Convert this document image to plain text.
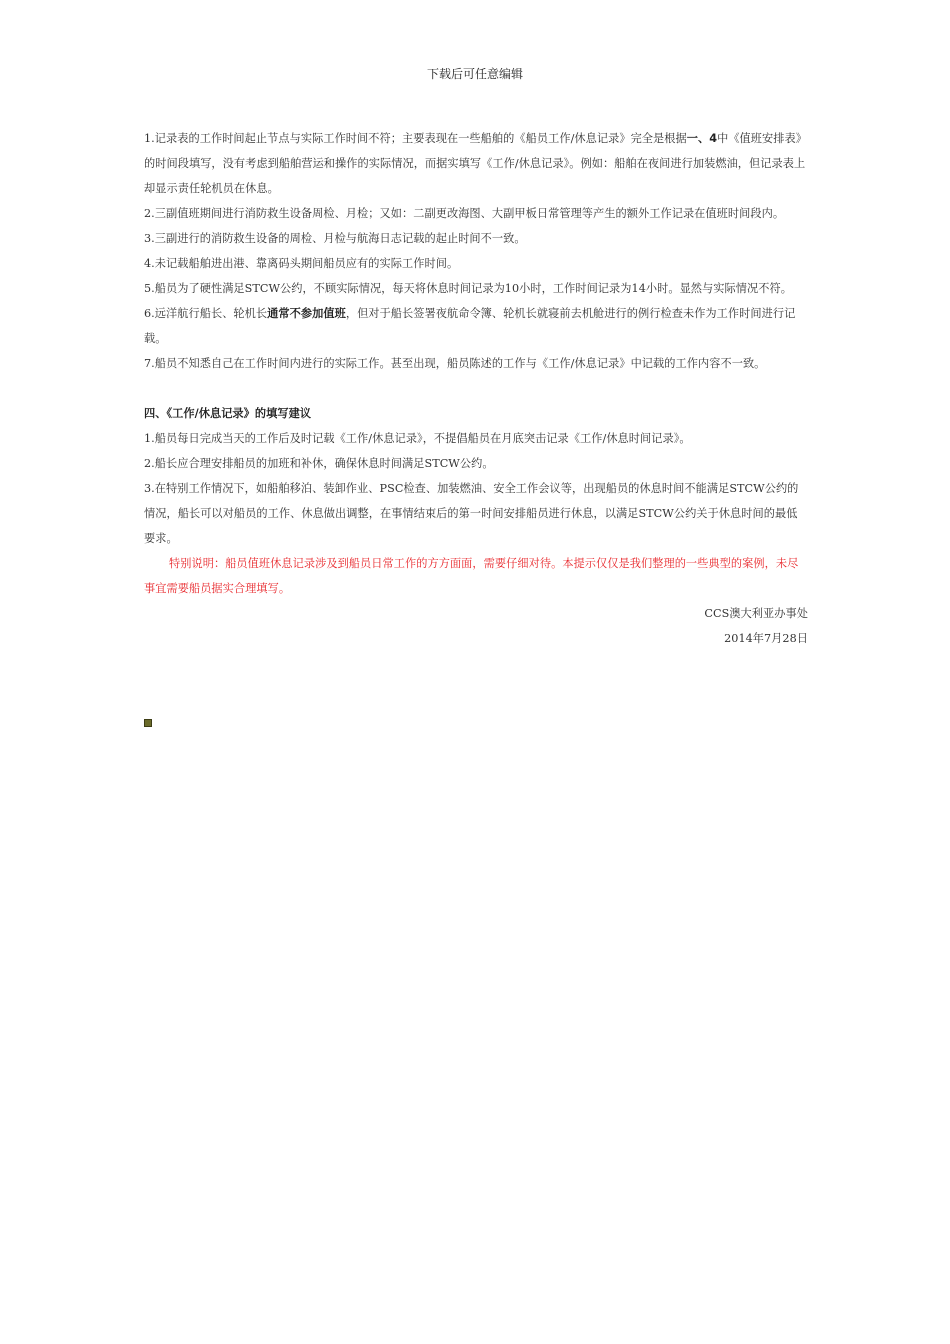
下载后可任意编辑

1.记录表的工作时间起止节点与实际工作时间不符；主要表现在一些船舶的《船员工作/休息记录》完全是根据一、4中《值班安排表》的时间段填写，没有考虑到船舶营运和操作的实际情况，而据实填写《工作/休息记录》。例如：船舶在夜间进行加装燃油，但记录表上却显示责任轮机员在休息。

2.三副值班期间进行消防救生设备周检、月检；又如：二副更改海图、大副甲板日常管理等产生的额外工作记录在值班时间段内。

3.三副进行的消防救生设备的周检、月检与航海日志记载的起止时间不一致。

4.未记载船舶进出港、靠离码头期间船员应有的实际工作时间。

5.船员为了硬性满足STCW公约，不顾实际情况，每天将休息时间记录为10小时，工作时间记录为14小时。显然与实际情况不符。

6.远洋航行船长、轮机长通常不参加值班，但对于船长签署夜航命令簿、轮机长就寝前去机舱进行的例行检查未作为工作时间进行记载。

7.船员不知悉自己在工作时间内进行的实际工作。甚至出现，船员陈述的工作与《工作/休息记录》中记载的工作内容不一致。

四、《工作/休息记录》的填写建议

1.船员每日完成当天的工作后及时记载《工作/休息记录》，不提倡船员在月底突击记录《工作/休息时间记录》。

2.船长应合理安排船员的加班和补休，确保休息时间满足STCW公约。

3.在特别工作情况下，如船舶移泊、装卸作业、PSC检查、加装燃油、安全工作会议等，出现船员的休息时间不能满足STCW公约的情况，船长可以对船员的工作、休息做出调整，在事情结束后的第一时间安排船员进行休息，以满足STCW公约关于休息时间的最低要求。

特别说明：船员值班休息记录涉及到船员日常工作的方方面面，需要仔细对待。本提示仅仅是我们整理的一些典型的案例，未尽事宜需要船员据实合理填写。

CCS澳大利亚办事处

2014年7月28日
